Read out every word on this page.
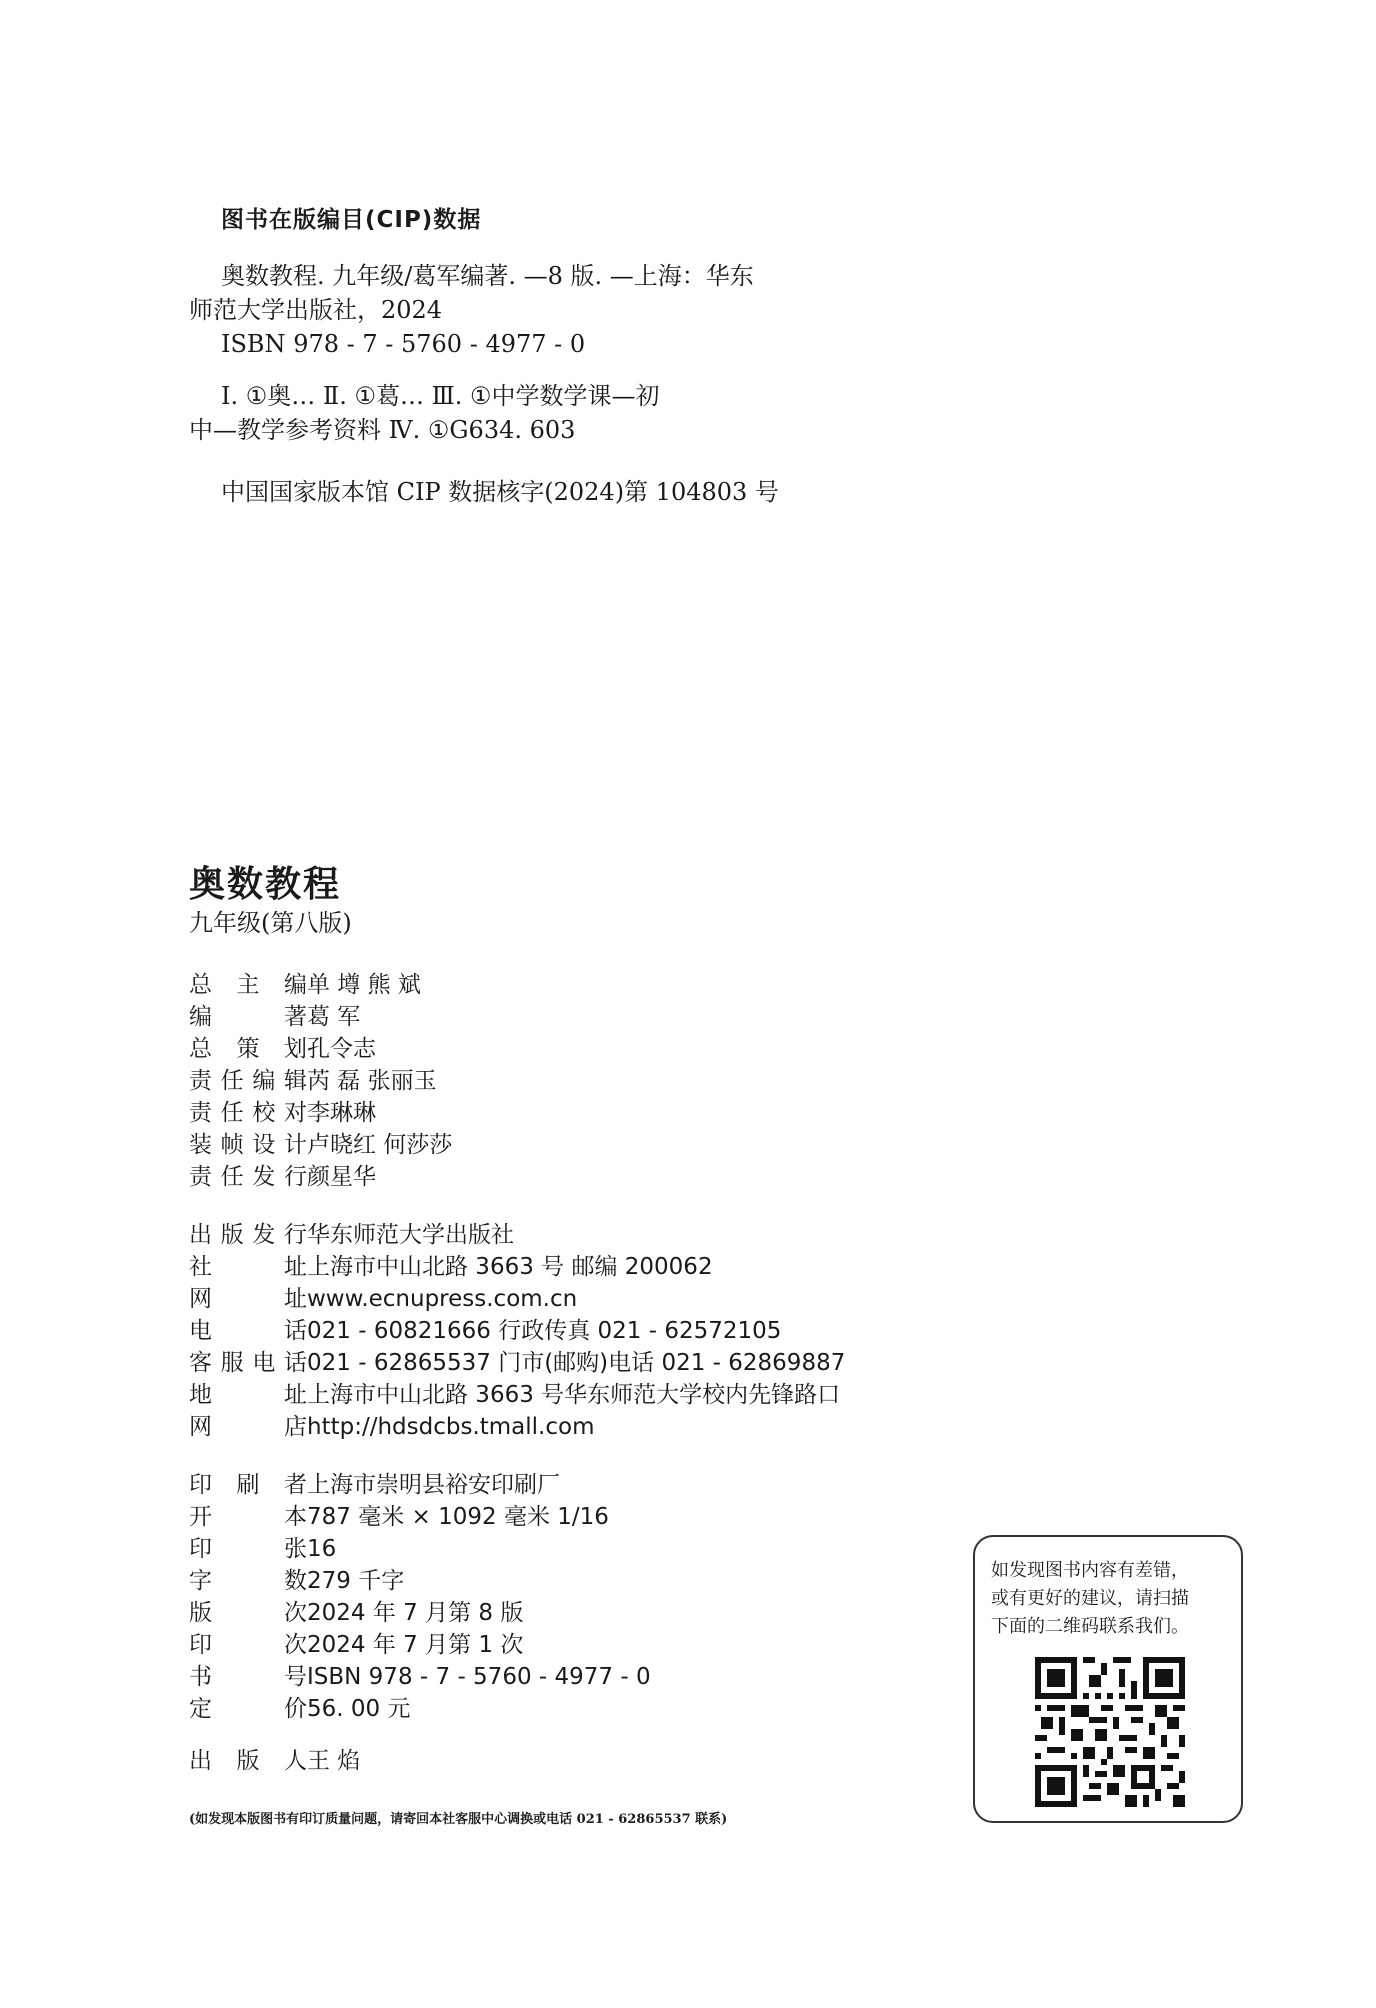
图书在版编目(CIP)数据
奥数教程. 九年级/葛军编著. —8 版. —上海：华东
师范大学出版社，2024
ISBN 978 - 7 - 5760 - 4977 - 0
Ⅰ. ①奥… Ⅱ. ①葛… Ⅲ. ①中学数学课—初
中—教学参考资料 Ⅳ. ①G634. 603
中国国家版本馆 CIP 数据核字(2024)第 104803 号
奥数教程
九年级(第八版)
总主编 单 墫 熊 斌
编著 葛 军
总策划 孔令志
责任编辑 芮 磊 张丽玉
责任校对 李琳琳
装帧设计 卢晓红 何莎莎
责任发行 颜星华
出版发行 华东师范大学出版社
社址 上海市中山北路 3663 号 邮编 200062
网址 www.ecnupress.com.cn
电话 021 - 60821666 行政传真 021 - 62572105
客服电话 021 - 62865537 门市(邮购)电话 021 - 62869887
地址 上海市中山北路 3663 号华东师范大学校内先锋路口
网店 http://hdsdcbs.tmall.com
印刷者 上海市崇明县裕安印刷厂
开本 787 毫米 × 1092 毫米 1/16
印张 16
字数 279 千字
版次 2024 年 7 月第 8 版
印次 2024 年 7 月第 1 次
书号 ISBN 978 - 7 - 5760 - 4977 - 0
定价 56. 00 元
出版人 王 焰
(如发现本版图书有印订质量问题，请寄回本社客服中心调换或电话 021 - 62865537 联系)
如发现图书内容有差错，
或有更好的建议，请扫描
下面的二维码联系我们。
